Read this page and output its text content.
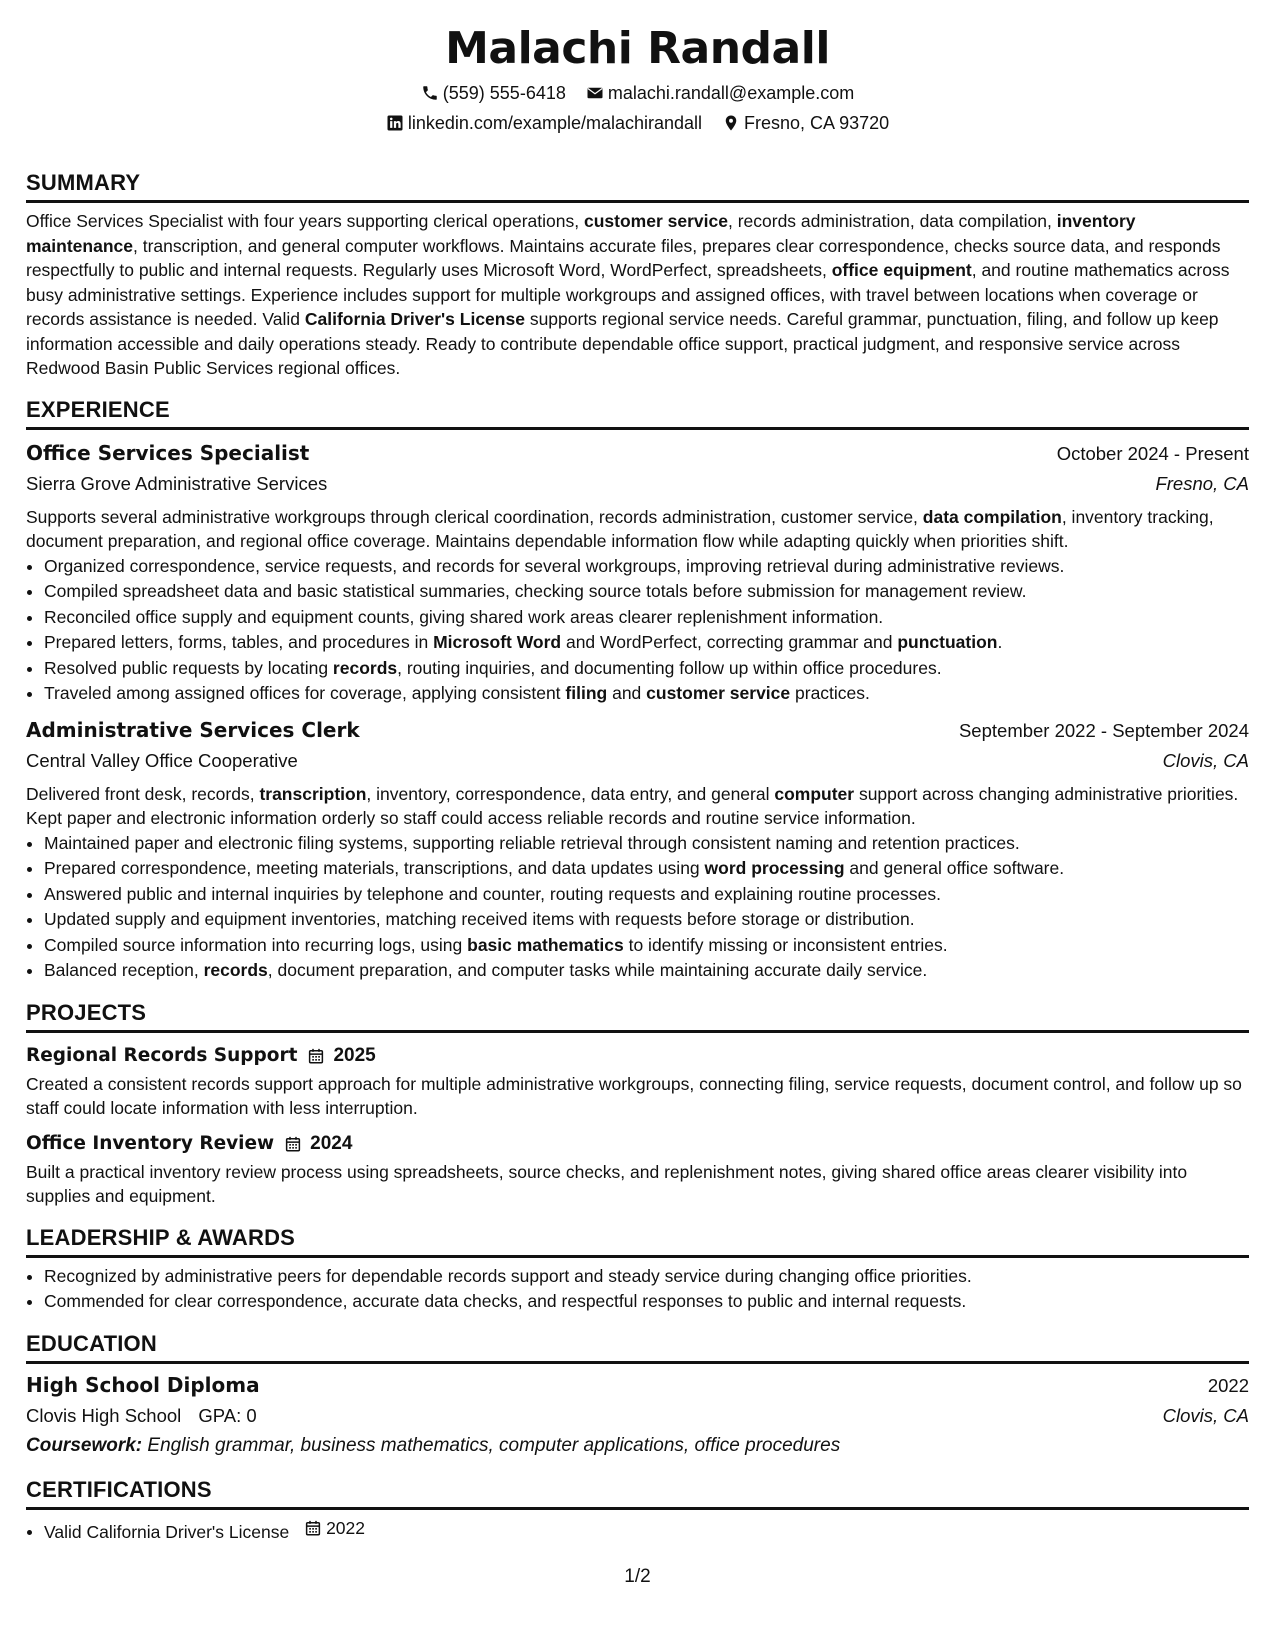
Malachi Randall
(559) 555-6418 malachi.randall@example.com
linkedin.com/example/malachirandall Fresno, CA 93720
SUMMARY
Office Services Specialist with four years supporting clerical operations, customer service, records administration, data compilation, inventory maintenance, transcription, and general computer workflows. Maintains accurate files, prepares clear correspondence, checks source data, and responds respectfully to public and internal requests. Regularly uses Microsoft Word, WordPerfect, spreadsheets, office equipment, and routine mathematics across busy administrative settings. Experience includes support for multiple workgroups and assigned offices, with travel between locations when coverage or records assistance is needed. Valid California Driver's License supports regional service needs. Careful grammar, punctuation, filing, and follow up keep information accessible and daily operations steady. Ready to contribute dependable office support, practical judgment, and responsive service across Redwood Basin Public Services regional offices.
EXPERIENCE
Office Services Specialist	October 2024 - Present
Sierra Grove Administrative Services	Fresno, CA
Supports several administrative workgroups through clerical coordination, records administration, customer service, data compilation, inventory tracking, document preparation, and regional office coverage. Maintains dependable information flow while adapting quickly when priorities shift.
• Organized correspondence, service requests, and records for several workgroups, improving retrieval during administrative reviews.
• Compiled spreadsheet data and basic statistical summaries, checking source totals before submission for management review.
• Reconciled office supply and equipment counts, giving shared work areas clearer replenishment information.
• Prepared letters, forms, tables, and procedures in Microsoft Word and WordPerfect, correcting grammar and punctuation.
• Resolved public requests by locating records, routing inquiries, and documenting follow up within office procedures.
• Traveled among assigned offices for coverage, applying consistent filing and customer service practices.
Administrative Services Clerk	September 2022 - September 2024
Central Valley Office Cooperative	Clovis, CA
Delivered front desk, records, transcription, inventory, correspondence, data entry, and general computer support across changing administrative priorities. Kept paper and electronic information orderly so staff could access reliable records and routine service information.
• Maintained paper and electronic filing systems, supporting reliable retrieval through consistent naming and retention practices.
• Prepared correspondence, meeting materials, transcriptions, and data updates using word processing and general office software.
• Answered public and internal inquiries by telephone and counter, routing requests and explaining routine processes.
• Updated supply and equipment inventories, matching received items with requests before storage or distribution.
• Compiled source information into recurring logs, using basic mathematics to identify missing or inconsistent entries.
• Balanced reception, records, document preparation, and computer tasks while maintaining accurate daily service.
PROJECTS
Regional Records Support 2025
Created a consistent records support approach for multiple administrative workgroups, connecting filing, service requests, document control, and follow up so staff could locate information with less interruption.
Office Inventory Review 2024
Built a practical inventory review process using spreadsheets, source checks, and replenishment notes, giving shared office areas clearer visibility into supplies and equipment.
LEADERSHIP & AWARDS
• Recognized by administrative peers for dependable records support and steady service during changing office priorities.
• Commended for clear correspondence, accurate data checks, and respectful responses to public and internal requests.
EDUCATION
High School Diploma	2022
Clovis High School GPA: 0	Clovis, CA
Coursework: English grammar, business mathematics, computer applications, office procedures
CERTIFICATIONS
• Valid California Driver's License 2022
1/2
